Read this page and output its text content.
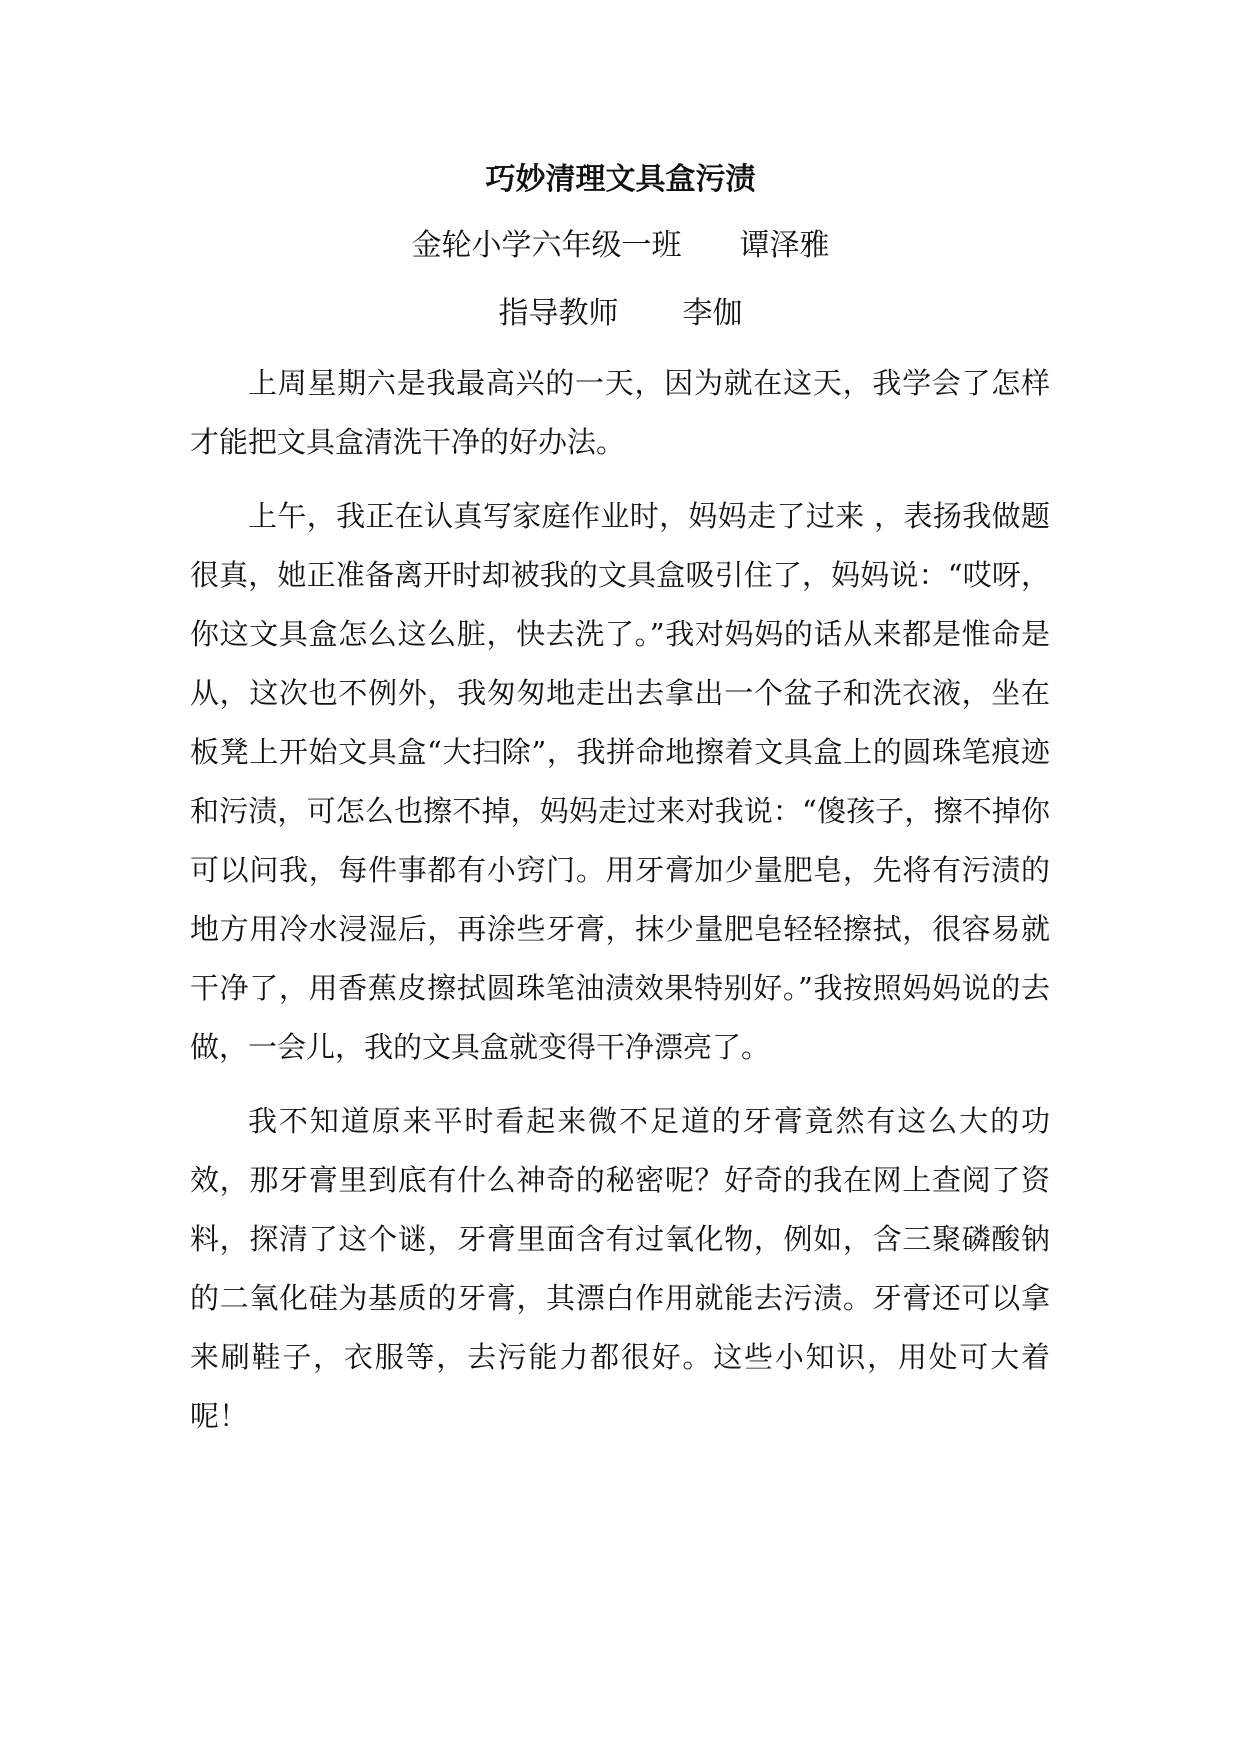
巧妙清理文具盒污渍
金轮小学六年级一班 谭泽雅
指导教师 李伽

上周星期六是我最高兴的一天，因为就在这天，我学会了怎样才能把文具盒清洗干净的好办法。

上午，我正在认真写家庭作业时，妈妈走了过来 ，表扬我做题很真，她正准备离开时却被我的文具盒吸引住了，妈妈说：“哎呀，你这文具盒怎么这么脏，快去洗了。”我对妈妈的话从来都是惟命是从，这次也不例外，我匆匆地走出去拿出一个盆子和洗衣液，坐在板凳上开始文具盒“大扫除”，我拼命地擦着文具盒上的圆珠笔痕迹和污渍，可怎么也擦不掉，妈妈走过来对我说：“傻孩子，擦不掉你可以问我，每件事都有小窍门。用牙膏加少量肥皂，先将有污渍的地方用冷水浸湿后，再涂些牙膏，抹少量肥皂轻轻擦拭，很容易就干净了，用香蕉皮擦拭圆珠笔油渍效果特别好。”我按照妈妈说的去做，一会儿，我的文具盒就变得干净漂亮了。

我不知道原来平时看起来微不足道的牙膏竟然有这么大的功效，那牙膏里到底有什么神奇的秘密呢？好奇的我在网上查阅了资料，探清了这个谜，牙膏里面含有过氧化物，例如，含三聚磷酸钠的二氧化硅为基质的牙膏，其漂白作用就能去污渍。牙膏还可以拿来刷鞋子，衣服等，去污能力都很好。这些小知识，用处可大着呢！
